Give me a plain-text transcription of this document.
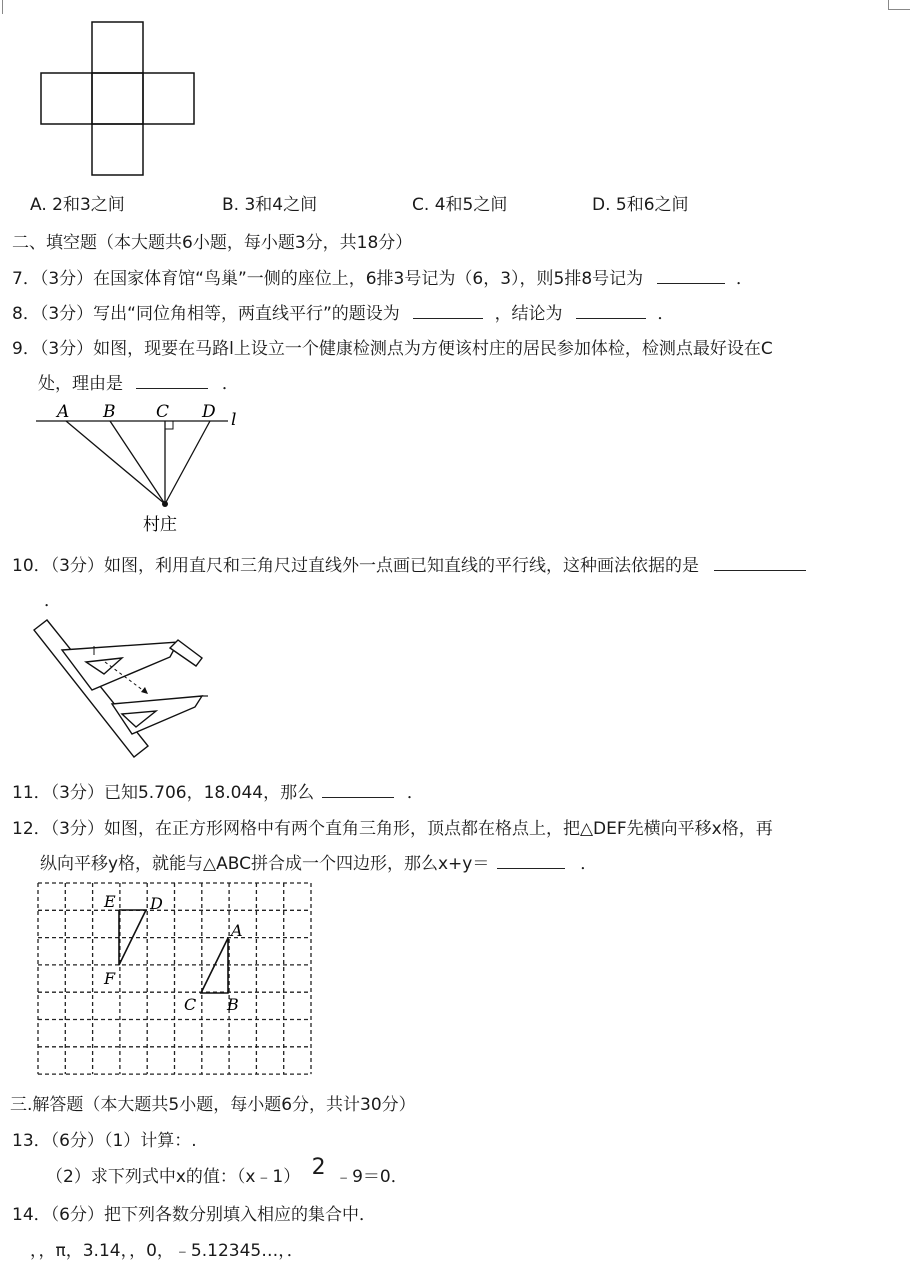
A. 2和3之间	B. 3和4之间	C. 4和5之间	D. 5和6之间
二、填空题（本大题共6小题，每小题3分，共18分）
7．（3分）在国家体育馆“鸟巢”一侧的座位上，6排3号记为（6，3），则5排8号记为	．
8．（3分）写出“同位角相等，两直线平行”的题设为	，结论为	．
9．（3分）如图，现要在马路l上设立一个健康检测点为方便该村庄的居民参加体检，检测点最好设在C
处，理由是	．
A B C D l
村庄
10．（3分）如图，利用直尺和三角尺过直线外一点画已知直线的平行线，这种画法依据的是
．
11．（3分）已知5.706，18.044，那么	．
12．（3分）如图，在正方形网格中有两个直角三角形，顶点都在格点上，把△DEF先横向平移x格，再
纵向平移y格，就能与△ABC拼合成一个四边形，那么x+y＝	．
E D
F
A
C B
三.解答题（本大题共5小题，每小题6分，共计30分）
13．（6分）（1）计算：.
（2）求下列式中x的值：（x﹣1） 2 ﹣9＝0．
14．（6分）把下列各数分别填入相应的集合中．
，，π，3.14，，0，﹣5.12345…，．
